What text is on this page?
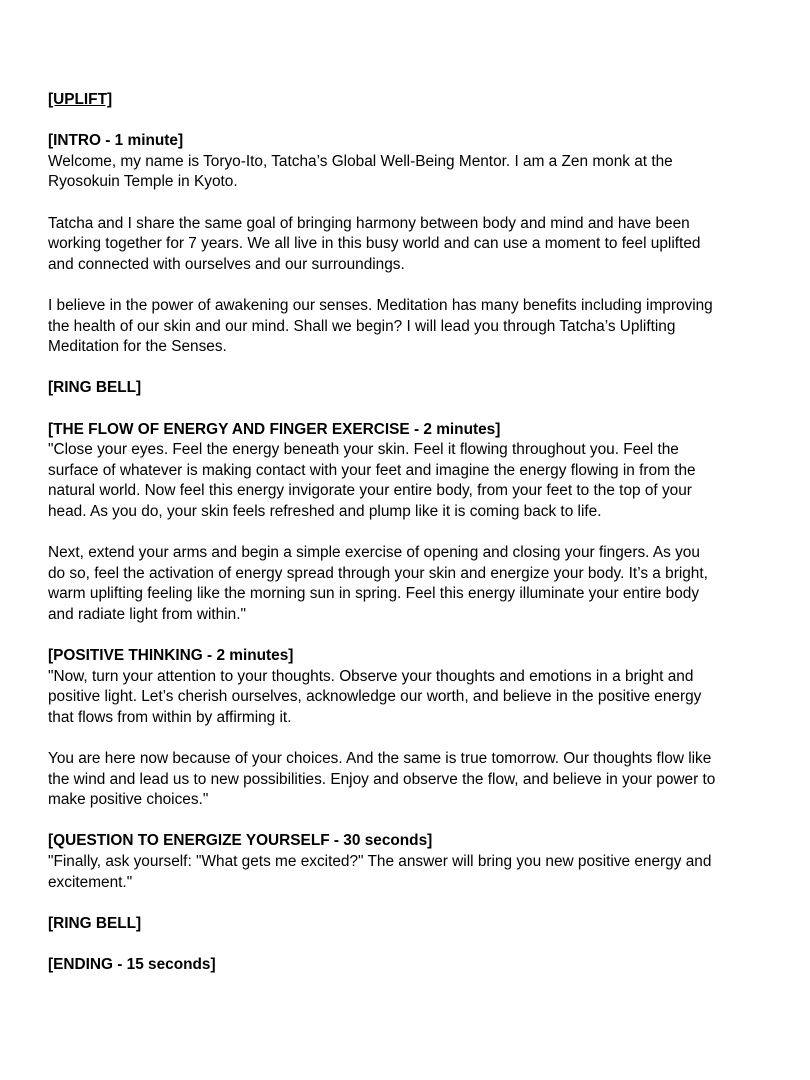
[UPLIFT]
[INTRO - 1 minute]

Welcome, my name is Toryo-Ito, Tatcha’s Global Well-Being Mentor. I am a Zen monk at the Ryosokuin Temple in Kyoto.

Tatcha and I share the same goal of bringing harmony between body and mind and have been working together for 7 years. We all live in this busy world and can use a moment to feel uplifted and connected with ourselves and our surroundings.

I believe in the power of awakening our senses. Meditation has many benefits including improving the health of our skin and our mind. Shall we begin? I will lead you through Tatcha’s Uplifting Meditation for the Senses.

[RING BELL]
[THE FLOW OF ENERGY AND FINGER EXERCISE - 2 minutes]

"Close your eyes. Feel the energy beneath your skin. Feel it flowing throughout you. Feel the surface of whatever is making contact with your feet and imagine the energy flowing in from the natural world. Now feel this energy invigorate your entire body, from your feet to the top of your head. As you do, your skin feels refreshed and plump like it is coming back to life.

Next, extend your arms and begin a simple exercise of opening and closing your fingers. As you do so, feel the activation of energy spread through your skin and energize your body. It’s a bright, warm uplifting feeling like the morning sun in spring. Feel this energy illuminate your entire body and radiate light from within."

[POSITIVE THINKING - 2 minutes]

"Now, turn your attention to your thoughts. Observe your thoughts and emotions in a bright and positive light. Let’s cherish ourselves, acknowledge our worth, and believe in the positive energy that flows from within by affirming it.

You are here now because of your choices. And the same is true tomorrow. Our thoughts flow like the wind and lead us to new possibilities. Enjoy and observe the flow, and believe in your power to make positive choices."

[QUESTION TO ENERGIZE YOURSELF - 30 seconds]

"Finally, ask yourself: "What gets me excited?" The answer will bring you new positive energy and excitement."

[RING BELL]
[ENDING - 15 seconds]
